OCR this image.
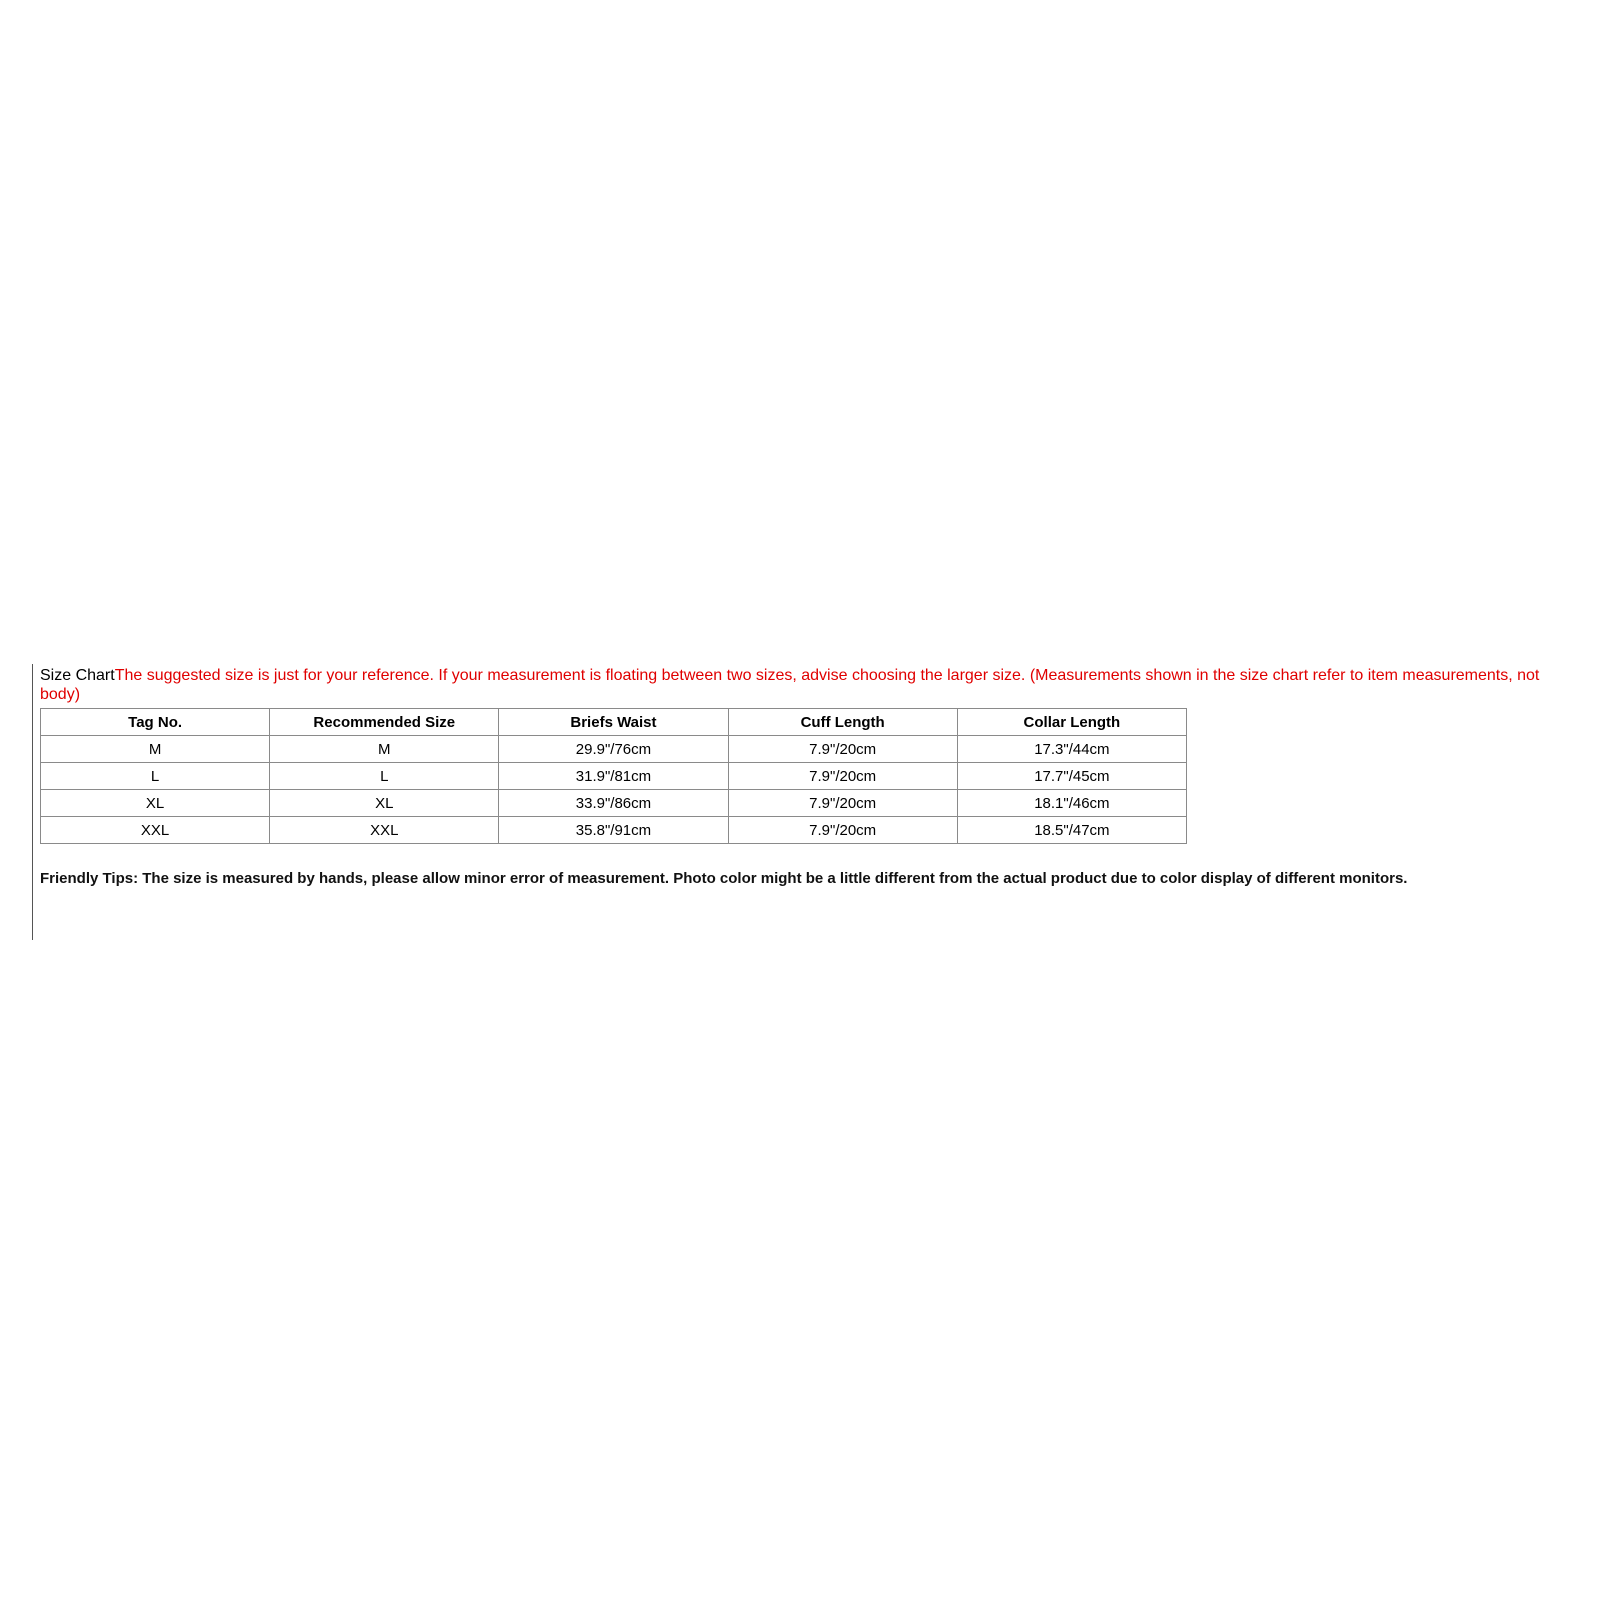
Size ChartThe suggested size is just for your reference. If your measurement is floating between two sizes, advise choosing the larger size. (Measurements shown in the size chart refer to item measurements, not body)
Tag No.	Recommended Size	Briefs Waist	Cuff Length	Collar Length
M	M	29.9"/76cm	7.9"/20cm	17.3"/44cm
L	L	31.9"/81cm	7.9"/20cm	17.7"/45cm
XL	XL	33.9"/86cm	7.9"/20cm	18.1"/46cm
XXL	XXL	35.8"/91cm	7.9"/20cm	18.5"/47cm
Friendly Tips: The size is measured by hands, please allow minor error of measurement. Photo color might be a little different from the actual product due to color display of different monitors.
